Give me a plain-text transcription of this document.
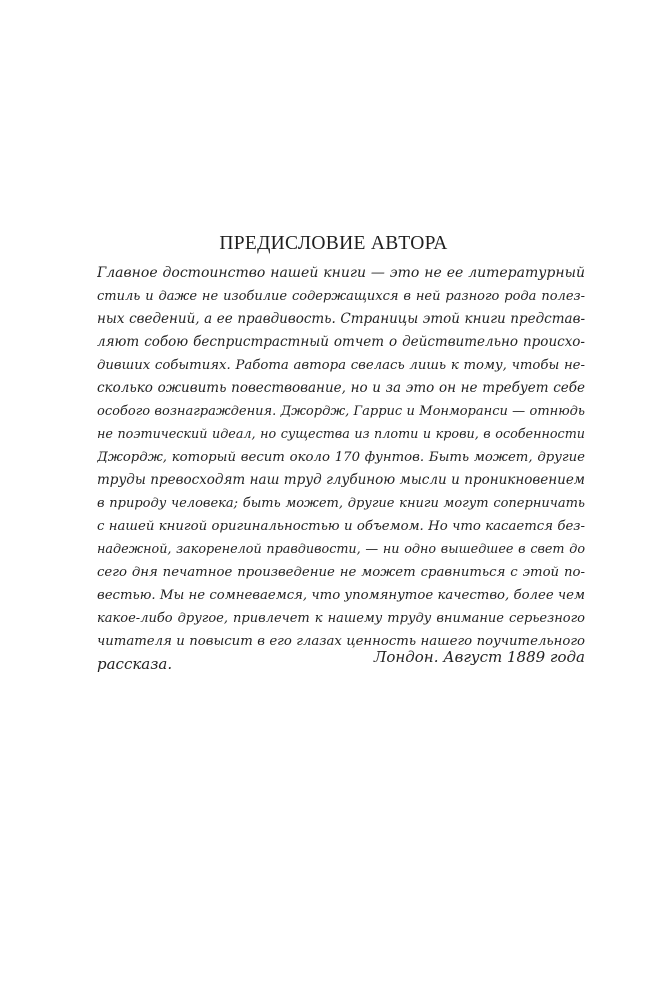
ПРЕДИСЛОВИЕ АВТОРА
Главное достоинство нашей книги — это не ее литературный
стиль и даже не изобилие содержащихся в ней разного рода полез-
ных сведений, а ее правдивость. Страницы этой книги представ-
ляют собою беспристрастный отчет о действительно происхо-
дивших событиях. Работа автора свелась лишь к тому, чтобы не-
сколько оживить повествование, но и за это он не требует себе
особого вознаграждения. Джордж, Гаррис и Монморанси — отнюдь
не поэтический идеал, но существа из плоти и крови, в особенности
Джордж, который весит около 170 фунтов. Быть может, другие
труды превосходят наш труд глубиною мысли и проникновением
в природу человека; быть может, другие книги могут соперничать
с нашей книгой оригинальностью и объемом. Но что касается без-
надежной, закоренелой правдивости, — ни одно вышедшее в свет до
сего дня печатное произведение не может сравниться с этой по-
вестью. Мы не сомневаемся, что упомянутое качество, более чем
какое-либо другое, привлечет к нашему труду внимание серьезного
читателя и повысит в его глазах ценность нашего поучительного
рассказа.	Лондон. Август 1889 года
